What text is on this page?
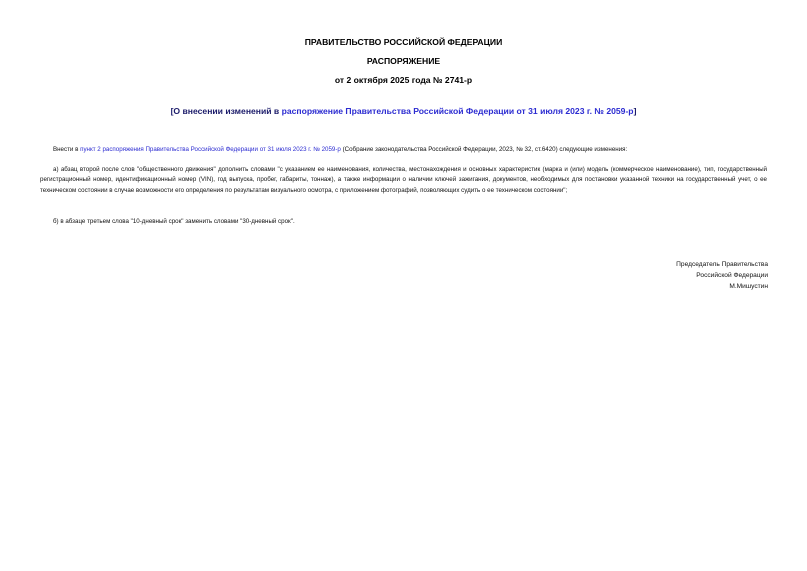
ПРАВИТЕЛЬСТВО РОССИЙСКОЙ ФЕДЕРАЦИИ
РАСПОРЯЖЕНИЕ
от 2 октября 2025 года № 2741-р
[О внесении изменений в распоряжение Правительства Российской Федерации от 31 июля 2023 г. № 2059-р]

Внести в пункт 2 распоряжения Правительства Российской Федерации от 31 июля 2023 г. № 2059-р (Собрание законодательства Российской Федерации, 2023, № 32, ст.6420) следующие изменения:

а) абзац второй после слов "общественного движения" дополнить словами "с указанием ее наименования, количества, местонахождения и основных характеристик (марка и (или) модель (коммерческое наименование), тип, государственный регистрационный номер, идентификационный номер (VIN), год выпуска, пробег, габариты, тоннаж), а также информации о наличии ключей зажигания, документов, необходимых для постановки указанной техники на государственный учет, о ее техническом состоянии в случае возможности его определения по результатам визуального осмотра, с приложением фотографий, позволяющих судить о ее техническом состоянии";

б) в абзаце третьем слова "10-дневный срок" заменить словами "30-дневный срок".

Председатель Правительства
Российской Федерации
М.Мишустин
